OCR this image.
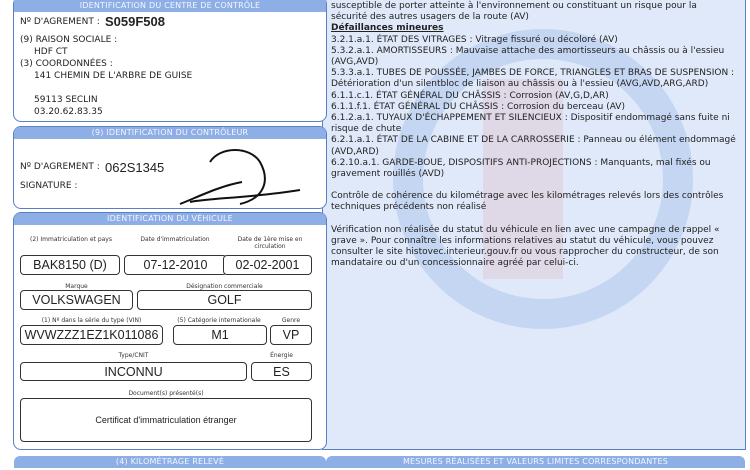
susceptible de porter atteinte à l'environnement ou constituant un risque pour la

sécurité des autres usagers de la route (AV)

Défaillances mineures

3.2.1.a.1. ÉTAT DES VITRAGES : Vitrage fissuré ou décoloré (AV)

5.3.2.a.1. AMORTISSEURS : Mauvaise attache des amortisseurs au châssis ou à l'essieu (AVG,AVD)

5.3.3.a.1. TUBES DE POUSSÉE, JAMBES DE FORCE, TRIANGLES ET BRAS DE SUSPENSION : Détérioration d'un silentbloc de liaison au châssis ou à l'essieu (AVG,AVD,ARG,ARD)

6.1.1.c.1. ÉTAT GÉNÉRAL DU CHÂSSIS : Corrosion (AV,G,D,AR)

6.1.1.f.1. ÉTAT GÉNÉRAL DU CHÂSSIS : Corrosion du berceau (AV)

6.1.2.a.1. TUYAUX D'ÉCHAPPEMENT ET SILENCIEUX : Dispositif endommagé sans fuite ni risque de chute

6.2.1.a.1. ÉTAT DE LA CABINE ET DE LA CARROSSERIE : Panneau ou élément endommagé (AVD,ARD)

6.2.10.a.1. GARDE-BOUE, DISPOSITIFS ANTI-PROJECTIONS : Manquants, mal fixés ou gravement rouillés (AVD)

Contrôle de cohérence du kilométrage avec les kilométrages relevés lors des contrôles techniques précédents non réalisé

Vérification non réalisée du statut du véhicule en lien avec une campagne de rappel « grave ». Pour connaître les informations relatives au statut du véhicule, vous pouvez consulter le site histovec.interieur.gouv.fr ou vous rapprocher du constructeur, de son mandataire ou d'un concessionnaire agréé par celui-ci.

MESURES RÉALISÉES ET VALEURS LIMITES CORRESPONDANTES
IDENTIFICATION DU CENTRE DE CONTRÔLE
Nº D'AGREMENT : S059F508
(9) RAISON SOCIALE :
HDF CT
(3) COORDONNÉES :
141 CHEMIN DE L'ARBRE DE GUISE
59113 SECLIN
03.20.62.83.35
(9) IDENTIFICATION DU CONTRÔLEUR
Nº D'AGREMENT : 062S1345
SIGNATURE :
IDENTIFICATION DU VÉHICULE
(2) Immatriculation et pays	Date d'immatriculation	Date de 1ère mise en circulation
BAK8150 (D)	07-12-2010	02-02-2001
Marque	Désignation commerciale
VOLKSWAGEN	GOLF
(1) Nº dans la série du type (VIN)	(5) Catégorie internationale	Genre
WVWZZZ1EZ1K011086	M1	VP
Type/CNIT	Énergie
INCONNU	ES
Document(s) présenté(s)
Certificat d'immatriculation étranger
(4) KILOMÉTRAGE RELEVÉ
